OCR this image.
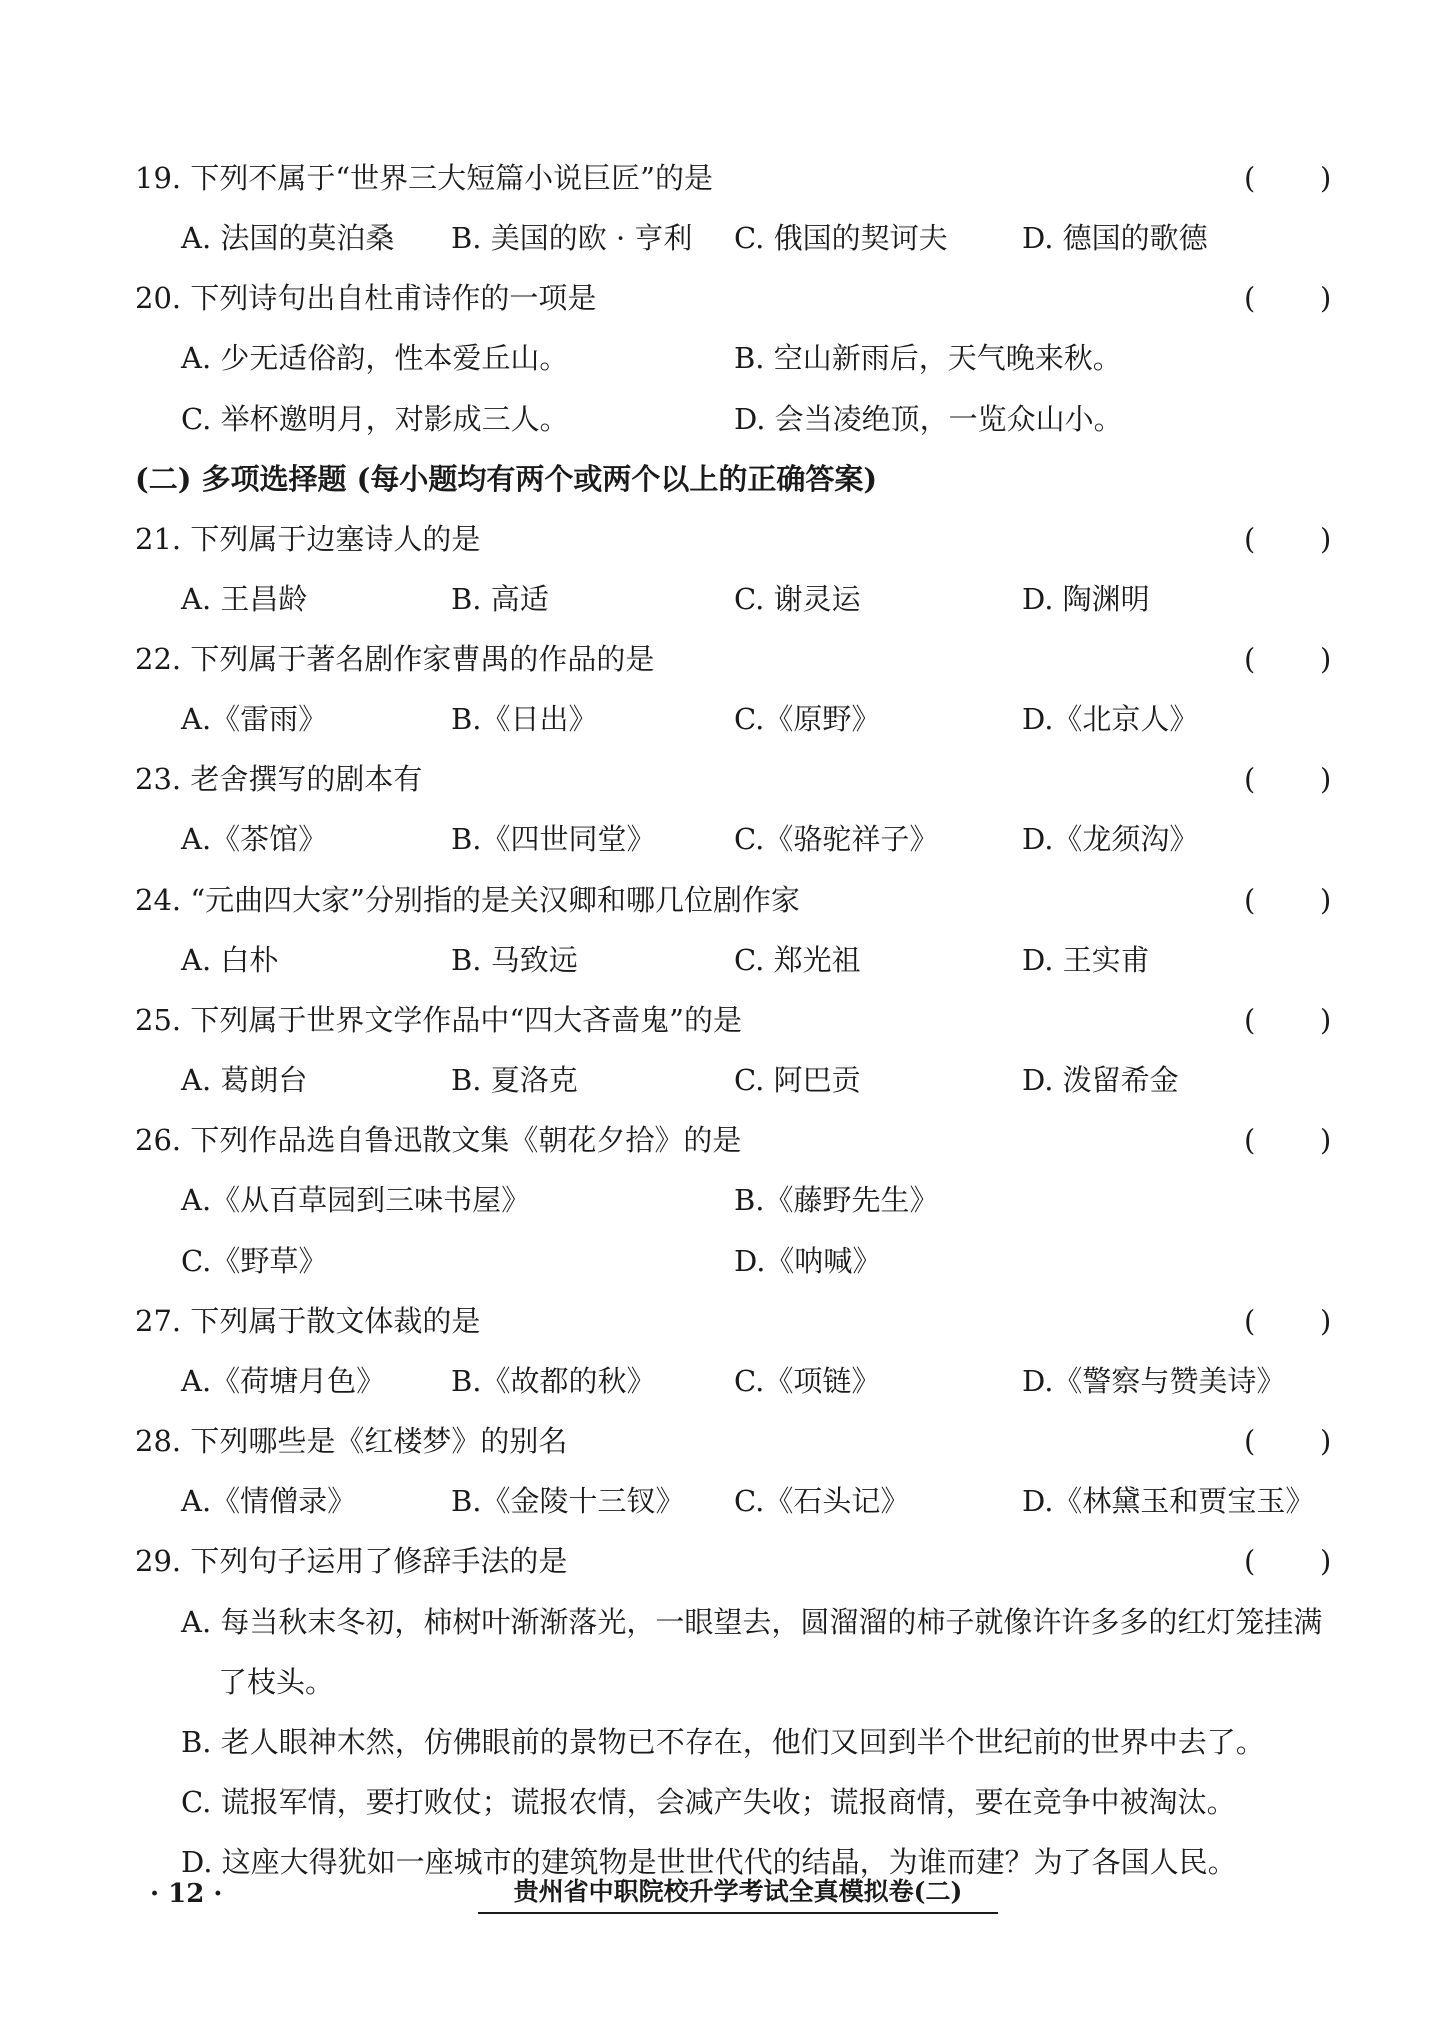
19. 下列不属于“世界三大短篇小说巨匠”的是	( )
A. 法国的莫泊桑 B. 美国的欧 · 亨利 C. 俄国的契诃夫	D. 德国的歌德
20. 下列诗句出自杜甫诗作的一项是	( )
A. 少无适俗韵，性本爱丘山。	B. 空山新雨后，天气晚来秋。
C. 举杯邀明月，对影成三人。	D. 会当凌绝顶，一览众山小。
(二) 多项选择题 (每小题均有两个或两个以上的正确答案)
21. 下列属于边塞诗人的是	( )
A. 王昌龄	B. 高适	C. 谢灵运	D. 陶渊明
22. 下列属于著名剧作家曹禺的作品的是	( )
A.《雷雨》	B.《日出》	C.《原野》	D.《北京人》
23. 老舍撰写的剧本有	( )
A.《茶馆》	B.《四世同堂》	C.《骆驼祥子》	D.《龙须沟》
24. “元曲四大家”分别指的是关汉卿和哪几位剧作家	( )
A. 白朴	B. 马致远	C. 郑光祖	D. 王实甫
25. 下列属于世界文学作品中“四大吝啬鬼”的是	( )
A. 葛朗台	B. 夏洛克	C. 阿巴贡	D. 泼留希金
26. 下列作品选自鲁迅散文集《朝花夕拾》的是	( )
A.《从百草园到三味书屋》	B.《藤野先生》
C.《野草》	D.《呐喊》
27. 下列属于散文体裁的是	( )
A.《荷塘月色》 B.《故都的秋》	C.《项链》	D.《警察与赞美诗》
28. 下列哪些是《红楼梦》的别名	( )
A.《情僧录》	B.《金陵十三钗》 C.《石头记》	D.《林黛玉和贾宝玉》
29. 下列句子运用了修辞手法的是	( )
A. 每当秋末冬初，柿树叶渐渐落光，一眼望去，圆溜溜的柿子就像许许多多的红灯笼挂满
了枝头。
B. 老人眼神木然，仿佛眼前的景物已不存在，他们又回到半个世纪前的世界中去了。
C. 谎报军情，要打败仗；谎报农情，会减产失收；谎报商情，要在竞争中被淘汰。
D. 这座大得犹如一座城市的建筑物是世世代代的结晶，为谁而建？为了各国人民。
· 12 ·	贵州省中职院校升学考试全真模拟卷(二)
